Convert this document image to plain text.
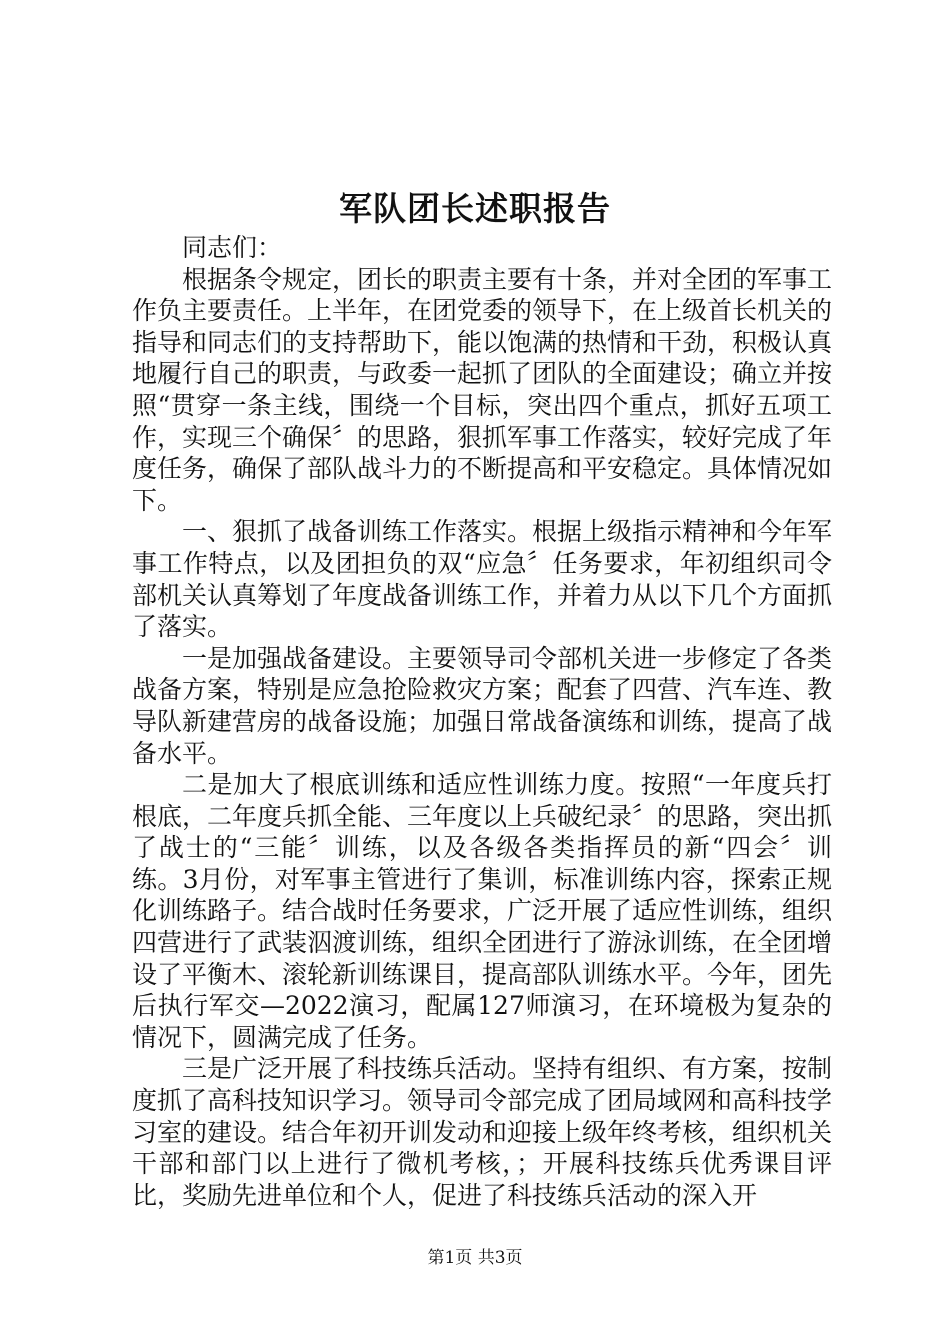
军队团长述职报告

同志们：

根据条令规定，团长的职责主要有十条，并对全团的军事工作负主要责任。上半年，在团党委的领导下，在上级首长机关的指导和同志们的支持帮助下，能以饱满的热情和干劲，积极认真地履行自己的职责，与政委一起抓了团队的全面建设；确立并按照“贯穿一条主线，围绕一个目标，突出四个重点，抓好五项工作，实现三个确保〞的思路，狠抓军事工作落实，较好完成了年度任务，确保了部队战斗力的不断提高和平安稳定。具体情况如下。

一、狠抓了战备训练工作落实。根据上级指示精神和今年军事工作特点，以及团担负的双“应急〞任务要求，年初组织司令部机关认真筹划了年度战备训练工作，并着力从以下几个方面抓了落实。

一是加强战备建设。主要领导司令部机关进一步修定了各类战备方案，特别是应急抢险救灾方案；配套了四营、汽车连、教导队新建营房的战备设施；加强日常战备演练和训练，提高了战备水平。

二是加大了根底训练和适应性训练力度。按照“一年度兵打根底，二年度兵抓全能、三年度以上兵破纪录〞的思路，突出抓了战士的“三能〞训练，以及各级各类指挥员的新“四会〞训练。3月份，对军事主管进行了集训，标准训练内容，探索正规化训练路子。结合战时任务要求，广泛开展了适应性训练，组织四营进行了武装泅渡训练，组织全团进行了游泳训练，在全团增设了平衡木、滚轮新训练课目，提高部队训练水平。今年，团先后执行军交—2022演习，配属127师演习，在环境极为复杂的情况下，圆满完成了任务。

三是广泛开展了科技练兵活动。坚持有组织、有方案，按制度抓了高科技知识学习。领导司令部完成了团局域网和高科技学习室的建设。结合年初开训发动和迎接上级年终考核，组织机关干部和部门以上进行了微机考核，；开展科技练兵优秀课目评比，奖励先进单位和个人，促进了科技练兵活动的深入开

第1页 共3页
